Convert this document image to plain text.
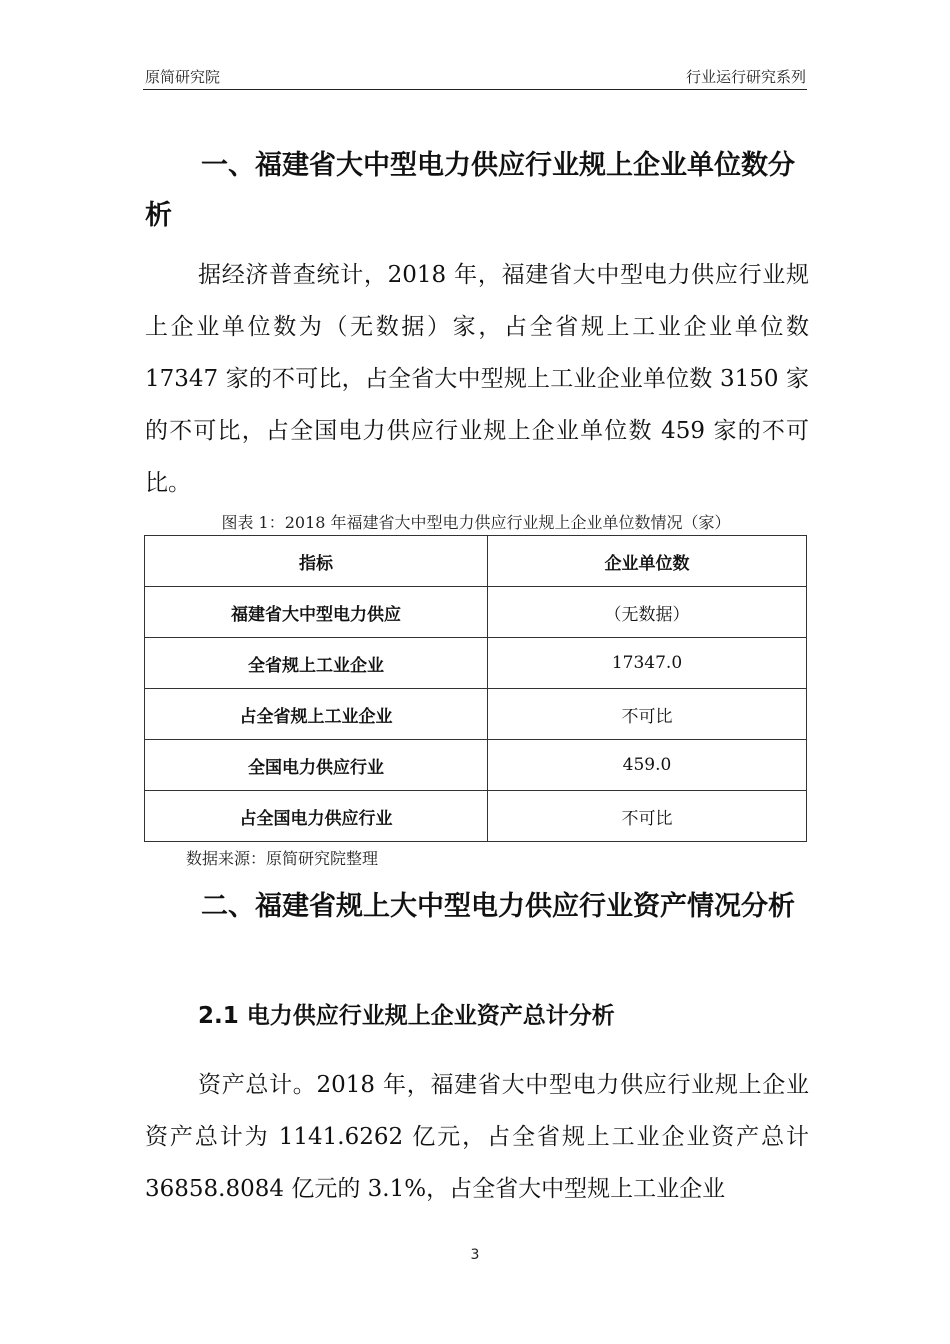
原简研究院	行业运行研究系列
一、福建省大中型电力供应行业规上企业单位数分析
据经济普查统计，2018 年，福建省大中型电力供应行业规上企业单位数为（无数据）家，占全省规上工业企业单位数 17347 家的不可比，占全省大中型规上工业企业单位数 3150 家的不可比，占全国电力供应行业规上企业单位数 459 家的不可比。
图表 1：2018 年福建省大中型电力供应行业规上企业单位数情况（家）
指标	企业单位数
福建省大中型电力供应	（无数据）
全省规上工业企业	17347.0
占全省规上工业企业	不可比
全国电力供应行业	459.0
占全国电力供应行业	不可比
数据来源：原简研究院整理
二、福建省规上大中型电力供应行业资产情况分析
2.1 电力供应行业规上企业资产总计分析
资产总计。2018 年，福建省大中型电力供应行业规上企业资产总计为 1141.6262 亿元，占全省规上工业企业资产总计 36858.8084 亿元的 3.1%，占全省大中型规上工业企业
3
